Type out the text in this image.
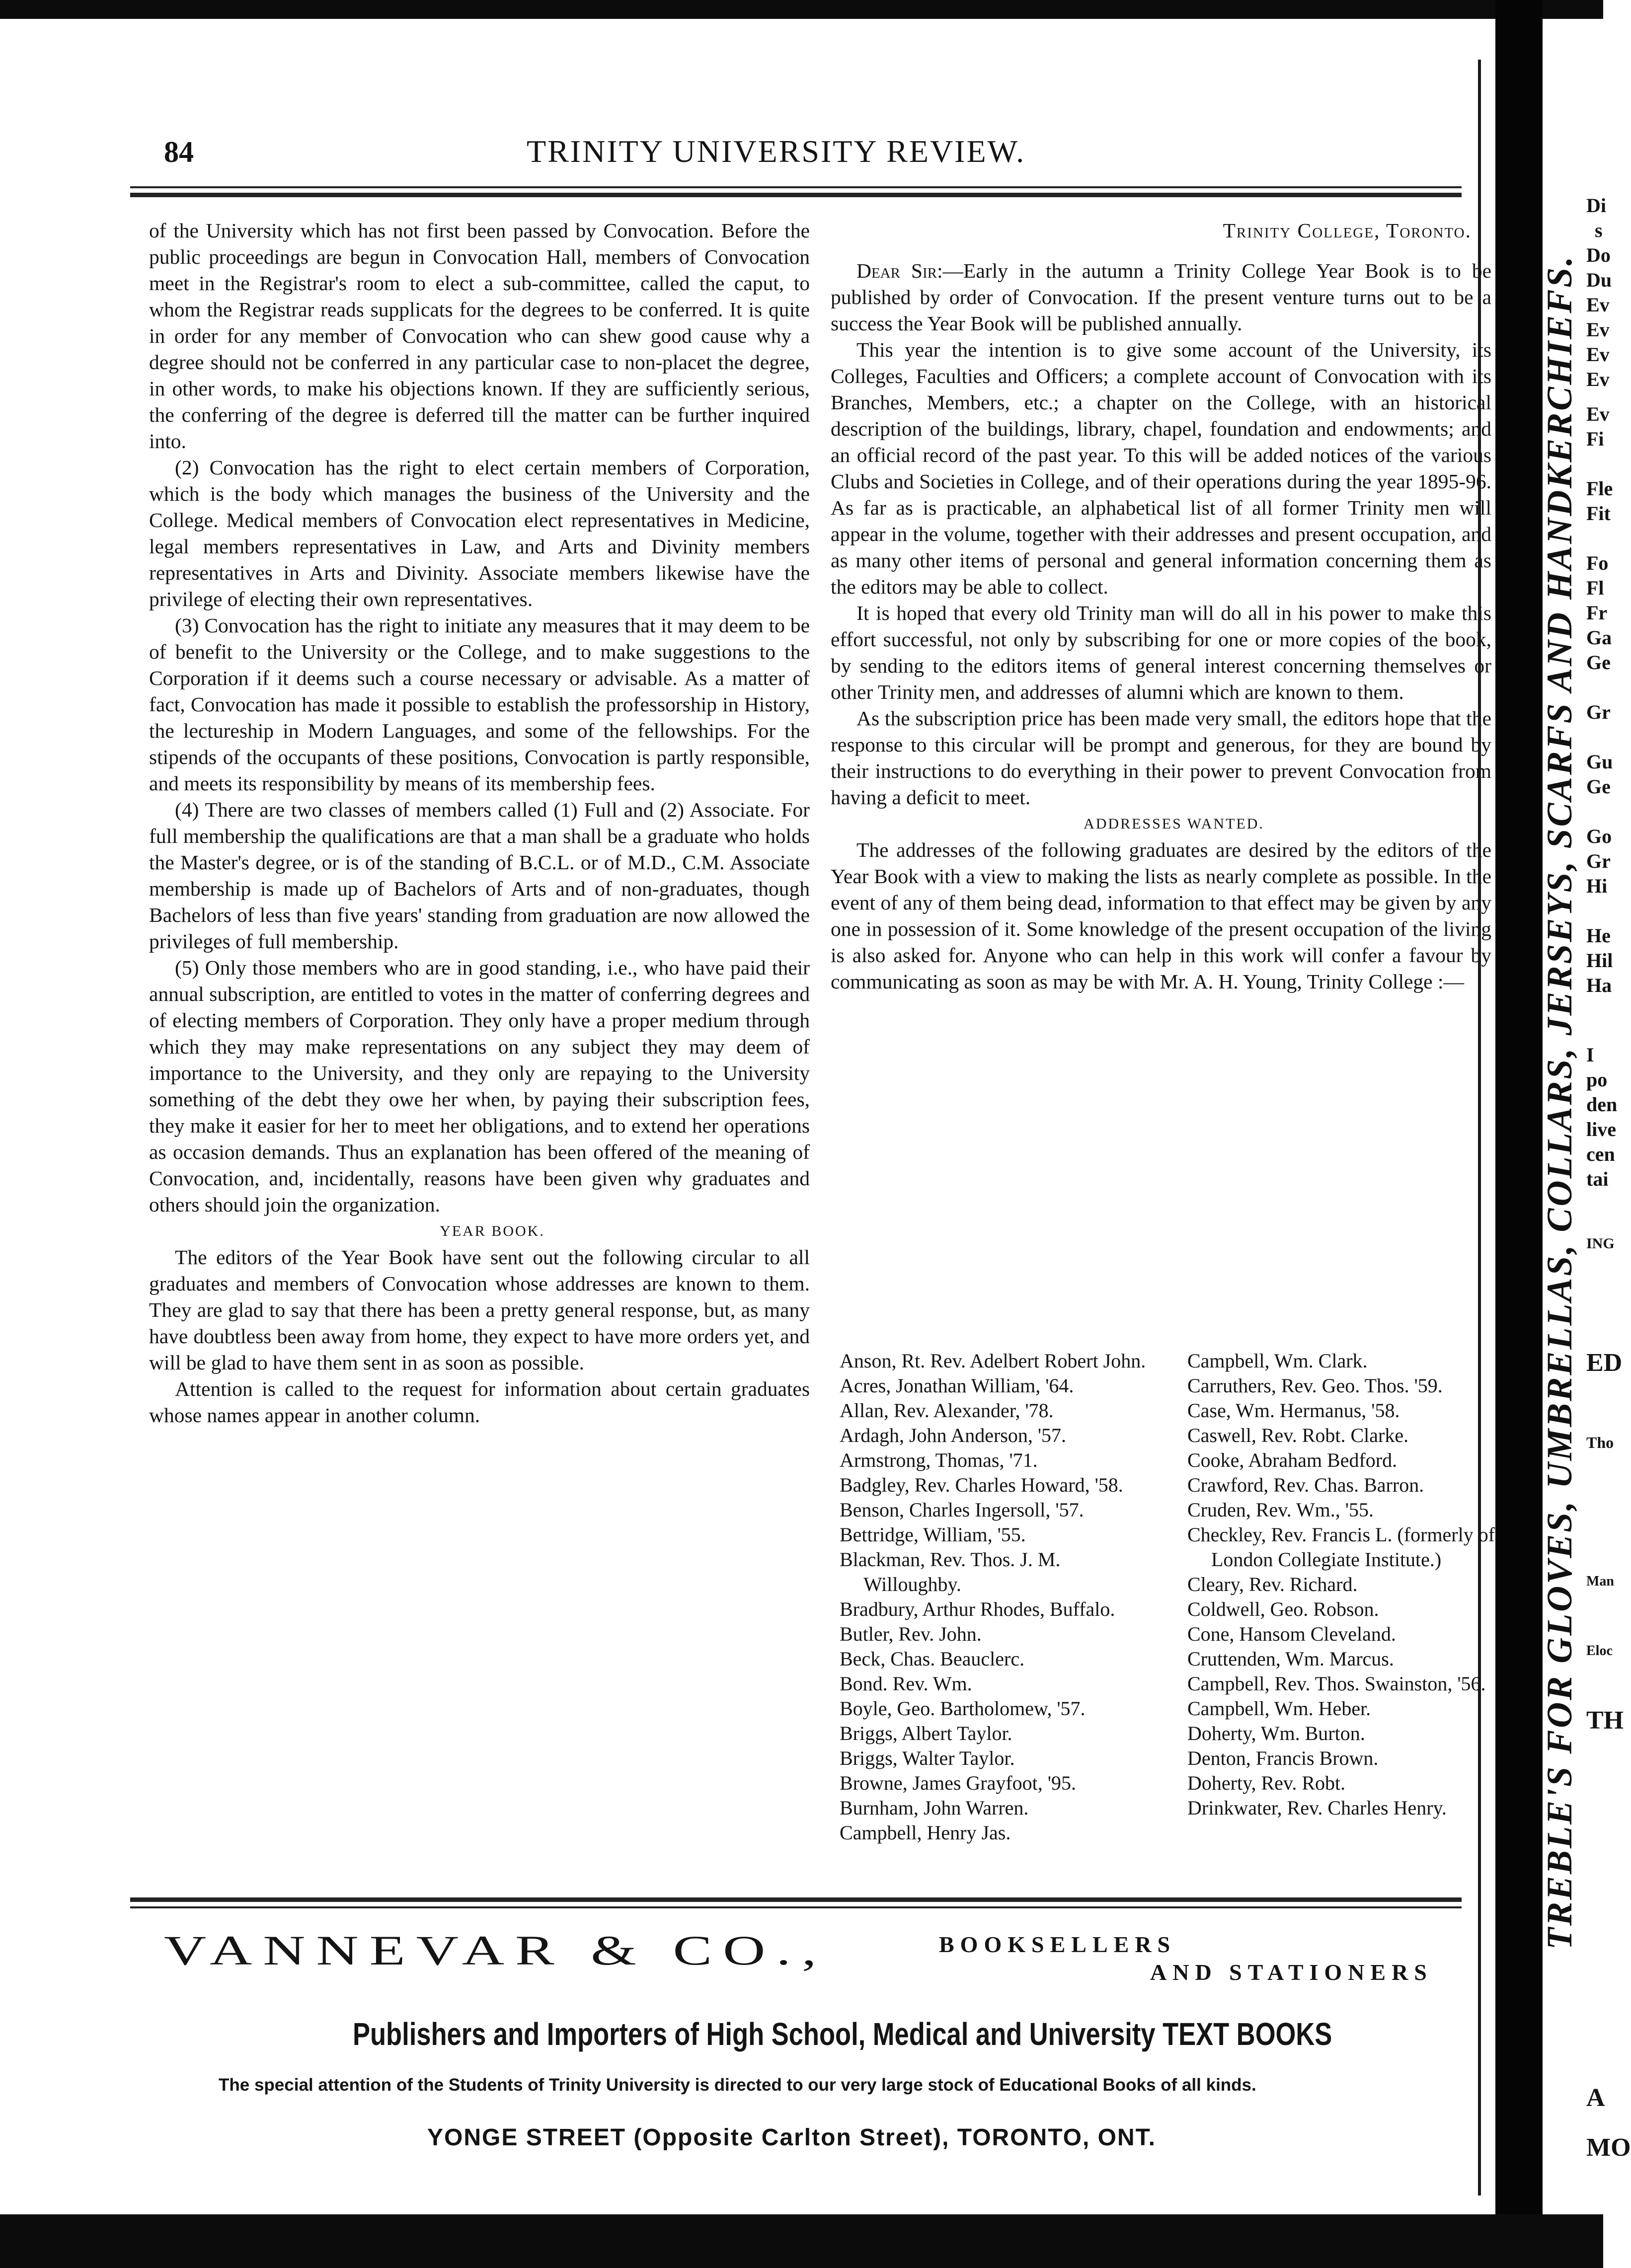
84	TRINITY UNIVERSITY REVIEW.

of the University which has not first been passed by Convocation. Before the public proceedings are begun in Convocation Hall, members of Convocation meet in the Registrar's room to elect a sub-committee, called the caput, to whom the Registrar reads supplicats for the degrees to be conferred. It is quite in order for any member of Convocation who can shew good cause why a degree should not be conferred in any particular case to non-placet the degree, in other words, to make his objections known. If they are sufficiently serious, the conferring of the degree is deferred till the matter can be further inquired into.

(2) Convocation has the right to elect certain members of Corporation, which is the body which manages the business of the University and the College. Medical members of Convocation elect representatives in Medicine, legal members representatives in Law, and Arts and Divinity members representatives in Arts and Divinity. Associate members likewise have the privilege of electing their own representatives.

(3) Convocation has the right to initiate any measures that it may deem to be of benefit to the University or the College, and to make suggestions to the Corporation if it deems such a course necessary or advisable. As a matter of fact, Convocation has made it possible to establish the professorship in History, the lectureship in Modern Languages, and some of the fellowships. For the stipends of the occupants of these positions, Convocation is partly responsible, and meets its responsibility by means of its membership fees.

(4) There are two classes of members called (1) Full and (2) Associate. For full membership the qualifications are that a man shall be a graduate who holds the Master's degree, or is of the standing of B.C.L. or of M.D., C.M. Associate membership is made up of Bachelors of Arts and of non-graduates, though Bachelors of less than five years' standing from graduation are now allowed the privileges of full membership.

(5) Only those members who are in good standing, i.e., who have paid their annual subscription, are entitled to votes in the matter of conferring degrees and of electing members of Corporation. They only have a proper medium through which they may make representations on any subject they may deem of importance to the University, and they only are repaying to the University something of the debt they owe her when, by paying their subscription fees, they make it easier for her to meet her obligations, and to extend her operations as occasion demands. Thus an explanation has been offered of the meaning of Convocation, and, incidentally, reasons have been given why graduates and others should join the organization.

YEAR BOOK.

The editors of the Year Book have sent out the following circular to all graduates and members of Convocation whose addresses are known to them. They are glad to say that there has been a pretty general response, but, as many have doubtless been away from home, they expect to have more orders yet, and will be glad to have them sent in as soon as possible.

Attention is called to the request for information about certain graduates whose names appear in another column.

Trinity College, Toronto.

Dear Sir:—Early in the autumn a Trinity College Year Book is to be published by order of Convocation. If the present venture turns out to be a success the Year Book will be published annually.

This year the intention is to give some account of the University, its Colleges, Faculties and Officers; a complete account of Convocation with its Branches, Members, etc.; a chapter on the College, with an historical description of the buildings, library, chapel, foundation and endowments; and an official record of the past year. To this will be added notices of the various Clubs and Societies in College, and of their operations during the year 1895-96. As far as is practicable, an alphabetical list of all former Trinity men will appear in the volume, together with their addresses and present occupation, and as many other items of personal and general information concerning them as the editors may be able to collect.

It is hoped that every old Trinity man will do all in his power to make this effort successful, not only by subscribing for one or more copies of the book, by sending to the editors items of general interest concerning themselves or other Trinity men, and addresses of alumni which are known to them.

As the subscription price has been made very small, the editors hope that the response to this circular will be prompt and generous, for they are bound by their instructions to do everything in their power to prevent Convocation from having a deficit to meet.

ADDRESSES WANTED.

The addresses of the following graduates are desired by the editors of the Year Book with a view to making the lists as nearly complete as possible. In the event of any of them being dead, information to that effect may be given by any one in possession of it. Some knowledge of the present occupation of the living is also asked for. Anyone who can help in this work will confer a favour by communicating as soon as may be with Mr. A. H. Young, Trinity College :—

Anson, Rt. Rev. Adelbert Robert John.
Acres, Jonathan William, '64.
Allan, Rev. Alexander, '78.
Ardagh, John Anderson, '57.
Armstrong, Thomas, '71.
Badgley, Rev. Charles Howard, '58.
Benson, Charles Ingersoll, '57.
Bettridge, William, '55.
Blackman, Rev. Thos. J. M. Willoughby.
Bradbury, Arthur Rhodes, Buffalo.
Butler, Rev. John.
Beck, Chas. Beauclerc.
Bond. Rev. Wm.
Boyle, Geo. Bartholomew, '57.
Briggs, Albert Taylor.
Briggs, Walter Taylor.
Browne, James Grayfoot, '95.
Burnham, John Warren.
Campbell, Henry Jas.
Campbell, Wm. Clark.
Carruthers, Rev. Geo. Thos. '59.
Case, Wm. Hermanus, '58.
Caswell, Rev. Robt. Clarke.
Cooke, Abraham Bedford.
Crawford, Rev. Chas. Barron.
Cruden, Rev. Wm., '55.
Checkley, Rev. Francis L. (formerly of London Collegiate Institute.)
Cleary, Rev. Richard.
Coldwell, Geo. Robson.
Cone, Hansom Cleveland.
Cruttenden, Wm. Marcus.
Campbell, Rev. Thos. Swainston, '56.
Campbell, Wm. Heber.
Doherty, Wm. Burton.
Denton, Francis Brown.
Doherty, Rev. Robt.
Drinkwater, Rev. Charles Henry.
VANNEVAR & CO.,	BOOKSELLERS
AND STATIONERS
Publishers and Importers of High School, Medical and University TEXT BOOKS
The special attention of the Students of Trinity University is directed to our very large stock of Educational Books of all kinds.
YONGE STREET (Opposite Carlton Street), TORONTO, ONT.
TREBLE'S FOR GLOVES, UMBRELLAS, COLLARS, JERSEYS, SCARFS AND HANDKERCHIEFS.
Di
s
Do
Du
Ev
Ev
Ev
Ev
Ev
Fi
Fle
Fit
Fo
Fl
Fr
Ga
Ge
Gr
Gu
Ge
Go
Gr
Hi
He
Hil
Ha
I
po
den
live
cen
tai
ING
ED
Tho
Man
Eloc
TH
A
MO
